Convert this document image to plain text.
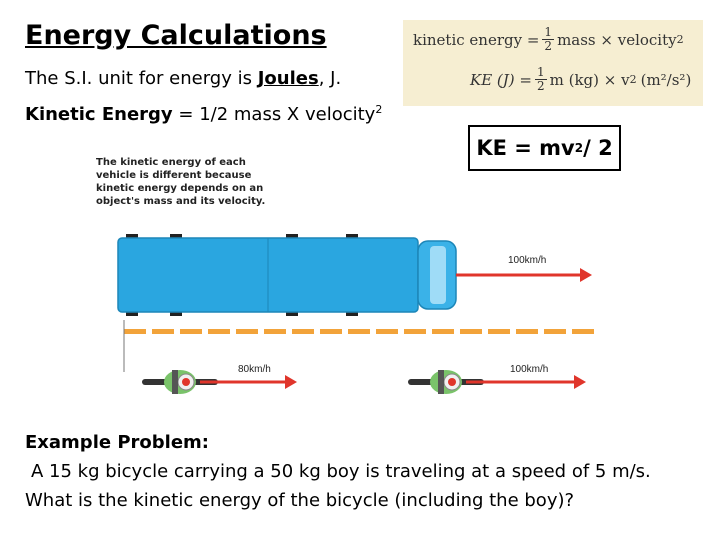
Energy Calculations
The S.I. unit for energy is Joules, J.
Kinetic Energy = 1/2 mass X velocity$^2$
kinetic energy = $\frac{1}{2}$ mass × velocity 2
KE $(J) = \frac{1}{2}$ m (kg) × v 2 (m²/s²)
KE = mv 2 / 2
The kinetic energy of each vehicle is different because kinetic energy depends on an object's mass and its velocity.
100km/h
80km/h	100km/h
Example Problem:
A 15 kg bicycle carrying a 50 kg boy is traveling at a speed of 5 m/s.
What is the kinetic energy of the bicycle (including the boy)?
